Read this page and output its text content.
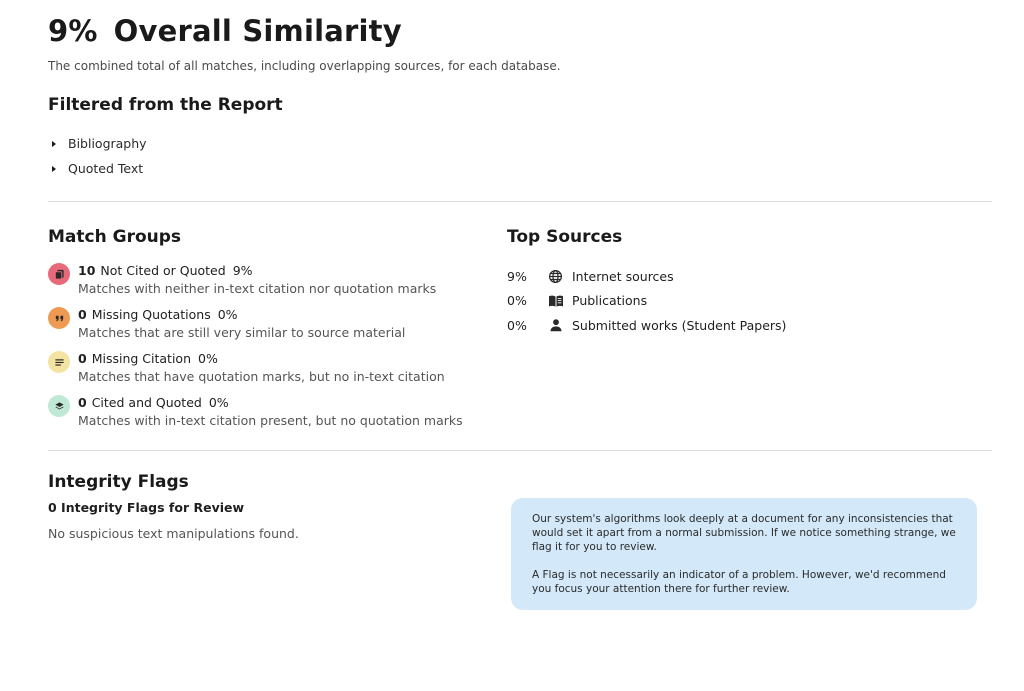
9% Overall Similarity
The combined total of all matches, including overlapping sources, for each database.
Filtered from the Report
Bibliography
Quoted Text
Match Groups
10 Not Cited or Quoted 9%
Matches with neither in-text citation nor quotation marks
0 Missing Quotations 0%
Matches that are still very similar to source material
0 Missing Citation 0%
Matches that have quotation marks, but no in-text citation
0 Cited and Quoted 0%
Matches with in-text citation present, but no quotation marks
Top Sources
9%	Internet sources
0%	Publications
0%	Submitted works (Student Papers)
Integrity Flags
0 Integrity Flags for Review
No suspicious text manipulations found.

Our system's algorithms look deeply at a document for any inconsistencies that would set it apart from a normal submission. If we notice something strange, we flag it for you to review.

A Flag is not necessarily an indicator of a problem. However, we'd recommend you focus your attention there for further review.
